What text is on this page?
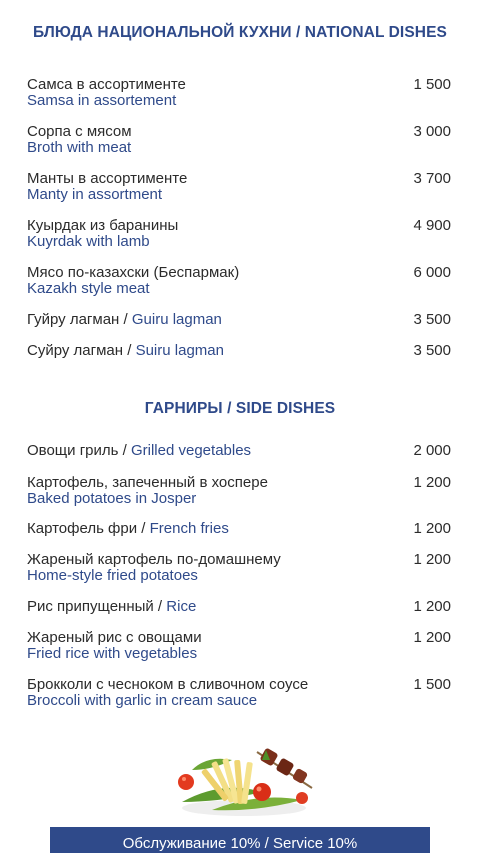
БЛЮДА НАЦИОНАЛЬНОЙ КУХНИ / NATIONAL DISHES
Самса в ассортименте
Samsa in assortement
1 500
Сорпа с мясом
Broth with meat
3 000
Манты в ассортименте
Manty in assortment
3 700
Куырдак из баранины
Kuyrdak with lamb
4 900
Мясо по-казахски (Беспармак)
Kazakh style meat
6 000
Гуйру лагман / Guiru lagman	3 500
Суйру лагман / Suiru lagman	3 500
ГАРНИРЫ / SIDE DISHES
Овощи гриль / Grilled vegetables	2 000
Картофель, запеченный в хоспере
Baked potatoes in Josper
1 200
Картофель фри / French fries	1 200
Жареный картофель по-домашнему
Home-style fried potatoes
1 200
Рис припущенный / Rice	1 200
Жареный рис с овощами
Fried rice with vegetables
1 200
Брокколи с чесноком в сливочном соусе
Broccoli with garlic in cream sauce
1 500
Обслуживание 10% / Service 10%
